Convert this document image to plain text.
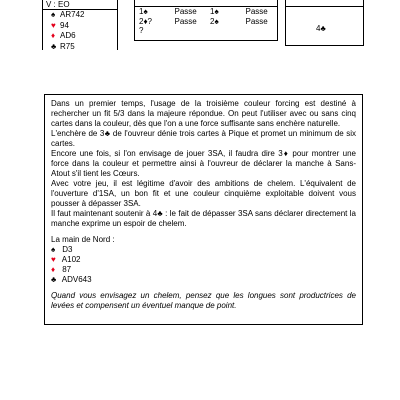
V : EO
♠ AR742
♥ 94
♦ AD6
♣ R75
1♠	Passe	1♠	Passe
2♦?	Passe	2♠	Passe
?	4♣

Dans un premier temps, l'usage de la troisième couleur forcing est destiné à rechercher un fit 5/3 dans la majeure répondue. On peut l'utiliser avec ou sans cinq cartes dans la couleur, dès que l'on a une force suffisante sans enchère naturelle.

L'enchère de 3♣ de l'ouvreur dénie trois cartes à Pique et promet un minimum de six cartes.

Encore une fois, si l'on envisage de jouer 3SA, il faudra dire 3♦ pour montrer une force dans la couleur et permettre ainsi à l'ouvreur de déclarer la manche à Sans-Atout s'il tient les Cœurs.

Avec votre jeu, il est légitime d'avoir des ambitions de chelem. L'équivalent de l'ouverture d'1SA, un bon fit et une couleur cinquième exploitable doivent vous pousser à dépasser 3SA.

Il faut maintenant soutenir à 4♣ : le fait de dépasser 3SA sans déclarer directement la manche exprime un espoir de chelem.

La main de Nord :

♠ D3

♥ A102

♦ 87

♣ ADV643

Quand vous envisagez un chelem, pensez que les longues sont productrices de levées et compensent un éventuel manque de point.
